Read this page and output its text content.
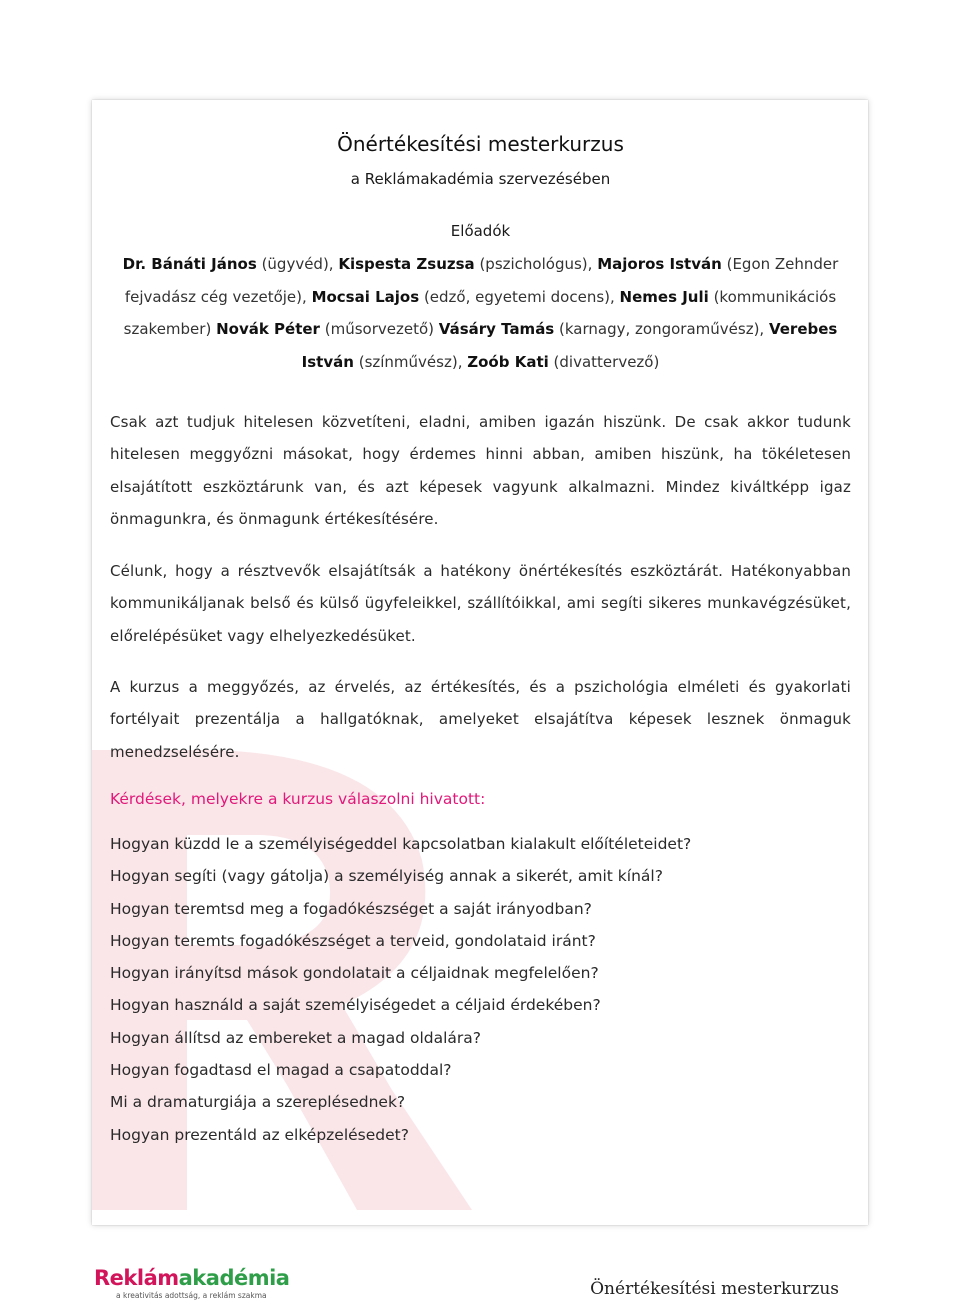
Önértékesítési mesterkurzus
a Reklámakadémia szervezésében
Előadók
Dr. Bánáti János (ügyvéd), Kispesta Zsuzsa (pszichológus), Majoros István (Egon Zehnder fejvadász cég vezetője), Mocsai Lajos (edző, egyetemi docens), Nemes Juli (kommunikációs szakember) Novák Péter (műsorvezető) Vásáry Tamás (karnagy, zongoraművész), Verebes István (színművész), Zoób Kati (divattervező)

Csak azt tudjuk hitelesen közvetíteni, eladni, amiben igazán hiszünk. De csak akkor tudunk hitelesen meggyőzni másokat, hogy érdemes hinni abban, amiben hiszünk, ha tökéletesen elsajátított eszköztárunk van, és azt képesek vagyunk alkalmazni. Mindez kiváltképp igaz önmagunkra, és önmagunk értékesítésére.

Célunk, hogy a résztvevők elsajátítsák a hatékony önértékesítés eszköztárát. Hatékonyabban kommunikáljanak belső és külső ügyfeleikkel, szállítóikkal, ami segíti sikeres munkavégzésüket, előrelépésüket vagy elhelyezkedésüket.

A kurzus a meggyőzés, az érvelés, az értékesítés, és a pszichológia elméleti és gyakorlati fortélyait prezentálja a hallgatóknak, amelyeket elsajátítva képesek lesznek önmaguk menedzselésére.

Kérdések, melyekre a kurzus válaszolni hivatott:
Hogyan küzdd le a személyiségeddel kapcsolatban kialakult előítéleteidet?
Hogyan segíti (vagy gátolja) a személyiség annak a sikerét, amit kínál?
Hogyan teremtsd meg a fogadókészséget a saját irányodban?
Hogyan teremts fogadókészséget a terveid, gondolataid iránt?
Hogyan irányítsd mások gondolatait a céljaidnak megfelelően?
Hogyan használd a saját személyiségedet a céljaid érdekében?
Hogyan állítsd az embereket a magad oldalára?
Hogyan fogadtasd el magad a csapatoddal?
Mi a dramaturgiája a szereplésednek?
Hogyan prezentáld az elképzelésedet?
Reklámakadémia
a kreativitás adottság, a reklám szakma	Önértékesítési mesterkurzus
